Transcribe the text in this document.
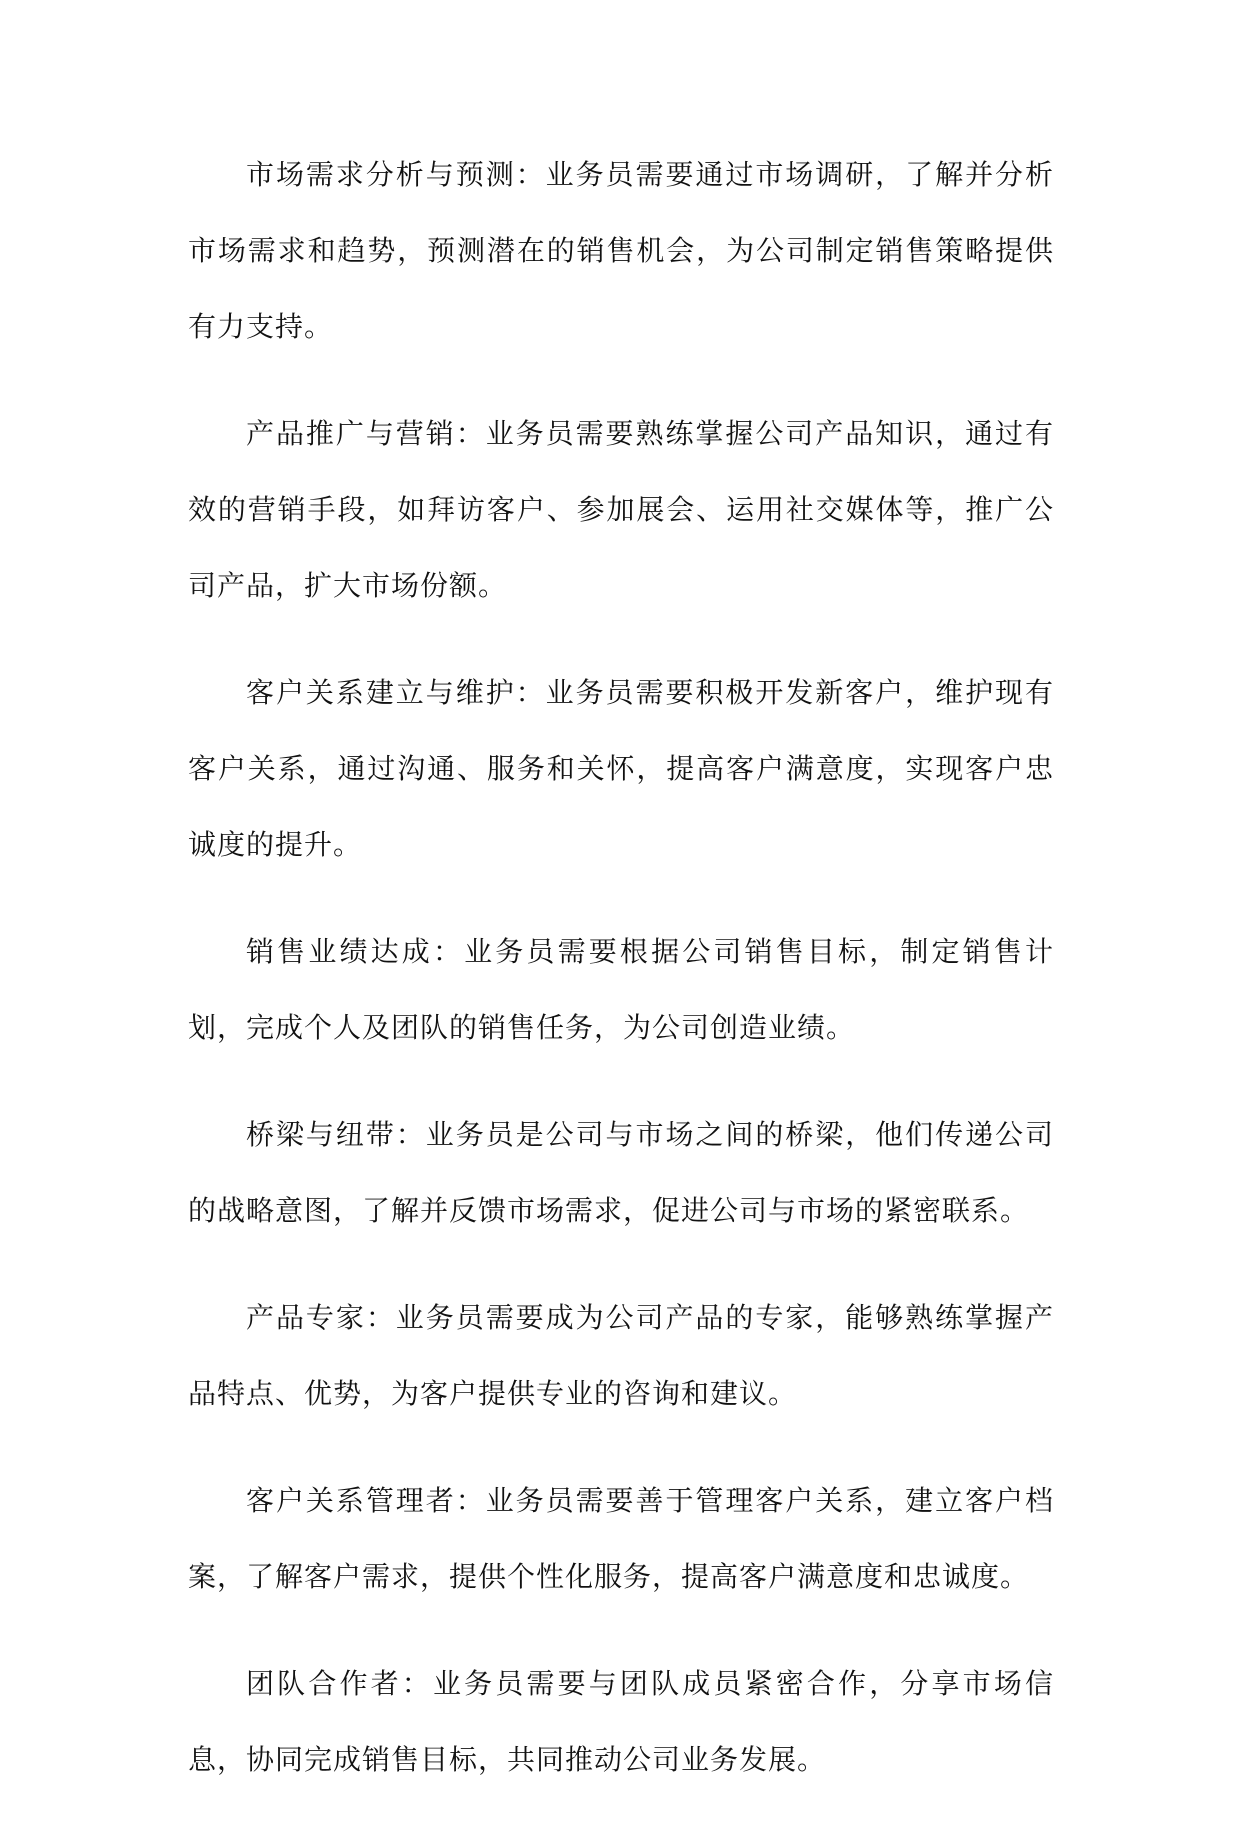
市场需求分析与预测：业务员需要通过市场调研，了解并分析市场需求和趋势，预测潜在的销售机会，为公司制定销售策略提供有力支持。

产品推广与营销：业务员需要熟练掌握公司产品知识，通过有效的营销手段，如拜访客户、参加展会、运用社交媒体等，推广公司产品，扩大市场份额。

客户关系建立与维护：业务员需要积极开发新客户，维护现有客户关系，通过沟通、服务和关怀，提高客户满意度，实现客户忠诚度的提升。

销售业绩达成：业务员需要根据公司销售目标，制定销售计划，完成个人及团队的销售任务，为公司创造业绩。

桥梁与纽带：业务员是公司与市场之间的桥梁，他们传递公司的战略意图，了解并反馈市场需求，促进公司与市场的紧密联系。

产品专家：业务员需要成为公司产品的专家，能够熟练掌握产品特点、优势，为客户提供专业的咨询和建议。

客户关系管理者：业务员需要善于管理客户关系，建立客户档案，了解客户需求，提供个性化服务，提高客户满意度和忠诚度。

团队合作者：业务员需要与团队成员紧密合作，分享市场信息，协同完成销售目标，共同推动公司业务发展。
